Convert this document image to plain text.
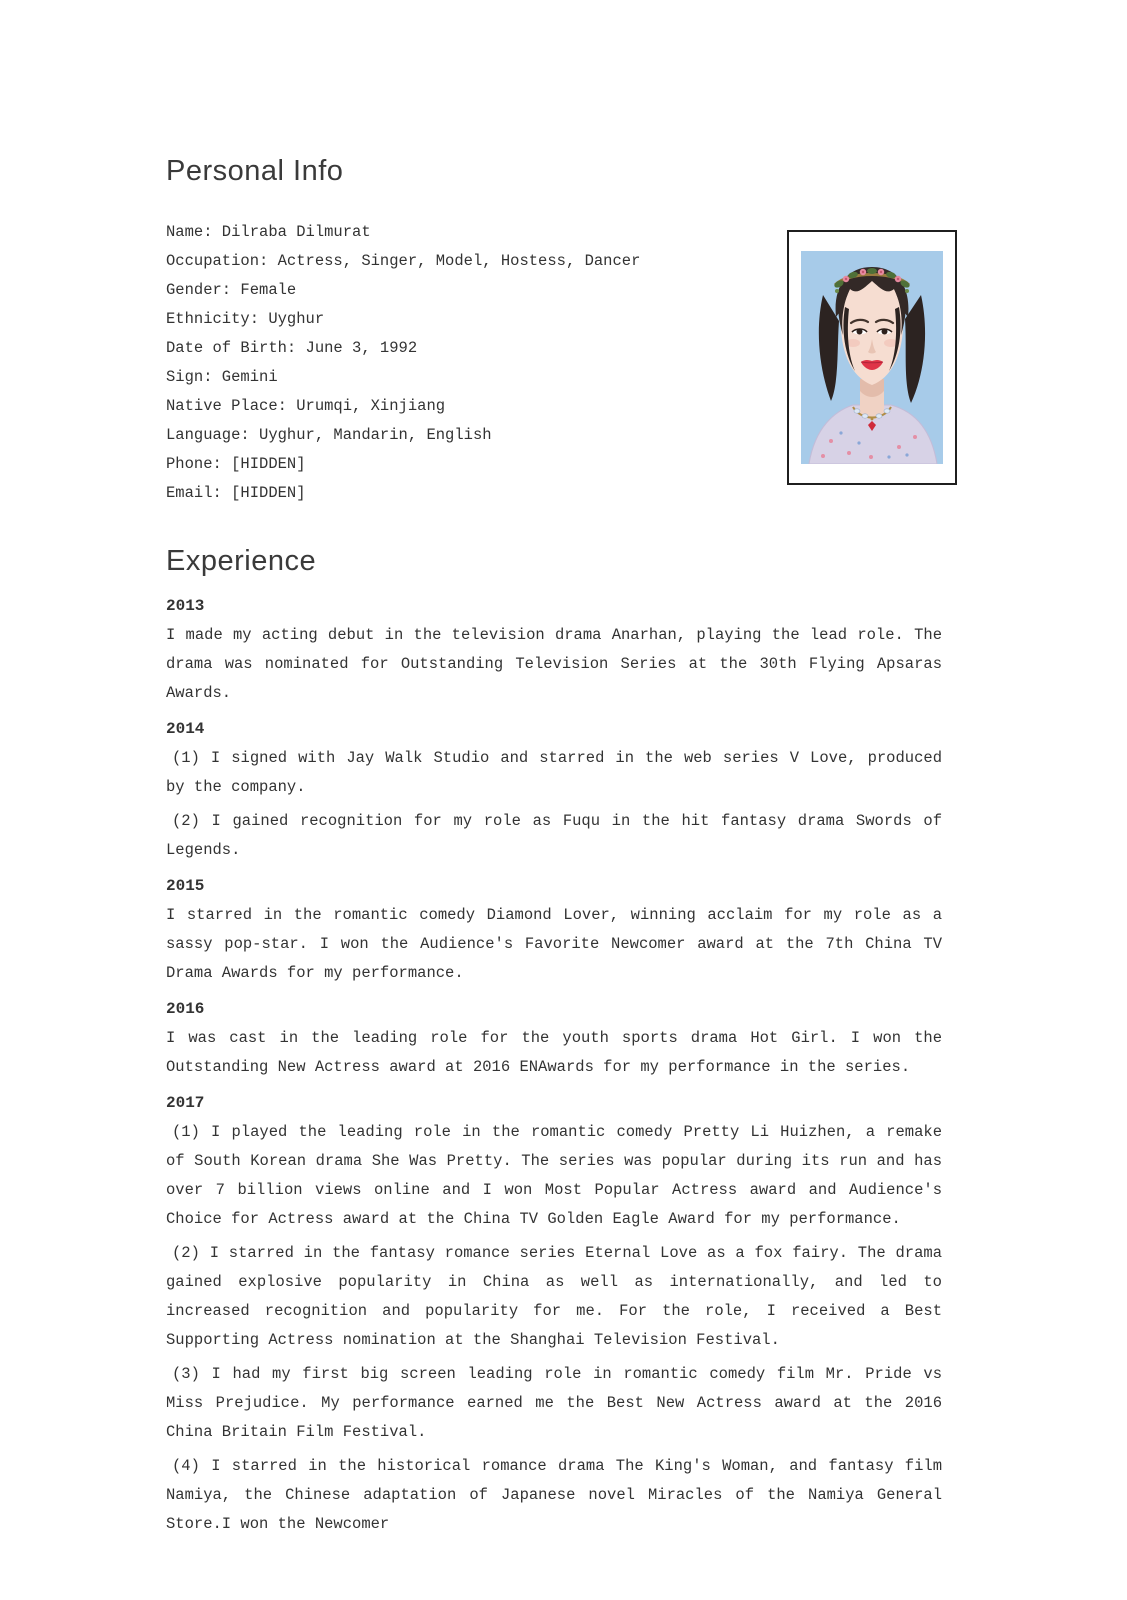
Personal Info
Name: Dilraba Dilmurat
Occupation: Actress, Singer, Model, Hostess, Dancer
Gender: Female
Ethnicity: Uyghur
Date of Birth: June 3, 1992
Sign: Gemini
Native Place: Urumqi, Xinjiang
Language: Uyghur, Mandarin, English
Phone: [HIDDEN]
Email: [HIDDEN]
Experience
2013

I made my acting debut in the television drama Anarhan, playing the lead role. The drama was nominated for Outstanding Television Series at the 30th Flying Apsaras Awards.

2014

(1) I signed with Jay Walk Studio and starred in the web series V Love, produced by the company.

(2) I gained recognition for my role as Fuqu in the hit fantasy drama Swords of Legends.

2015

I starred in the romantic comedy Diamond Lover, winning acclaim for my role as a sassy pop-star. I won the Audience's Favorite Newcomer award at the 7th China TV Drama Awards for my performance.

2016

I was cast in the leading role for the youth sports drama Hot Girl. I won the Outstanding New Actress award at 2016 ENAwards for my performance in the series.

2017

(1) I played the leading role in the romantic comedy Pretty Li Huizhen, a remake of South Korean drama She Was Pretty. The series was popular during its run and has over 7 billion views online and I won Most Popular Actress award and Audience's Choice for Actress award at the China TV Golden Eagle Award for my performance.

(2) I starred in the fantasy romance series Eternal Love as a fox fairy. The drama gained explosive popularity in China as well as internationally, and led to increased recognition and popularity for me. For the role, I received a Best Supporting Actress nomination at the Shanghai Television Festival.

(3) I had my first big screen leading role in romantic comedy film Mr. Pride vs Miss Prejudice. My performance earned me the Best New Actress award at the 2016 China Britain Film Festival.

(4) I starred in the historical romance drama The King's Woman, and fantasy film Namiya, the Chinese adaptation of Japanese novel Miracles of the Namiya General Store.I won the Newcomer
